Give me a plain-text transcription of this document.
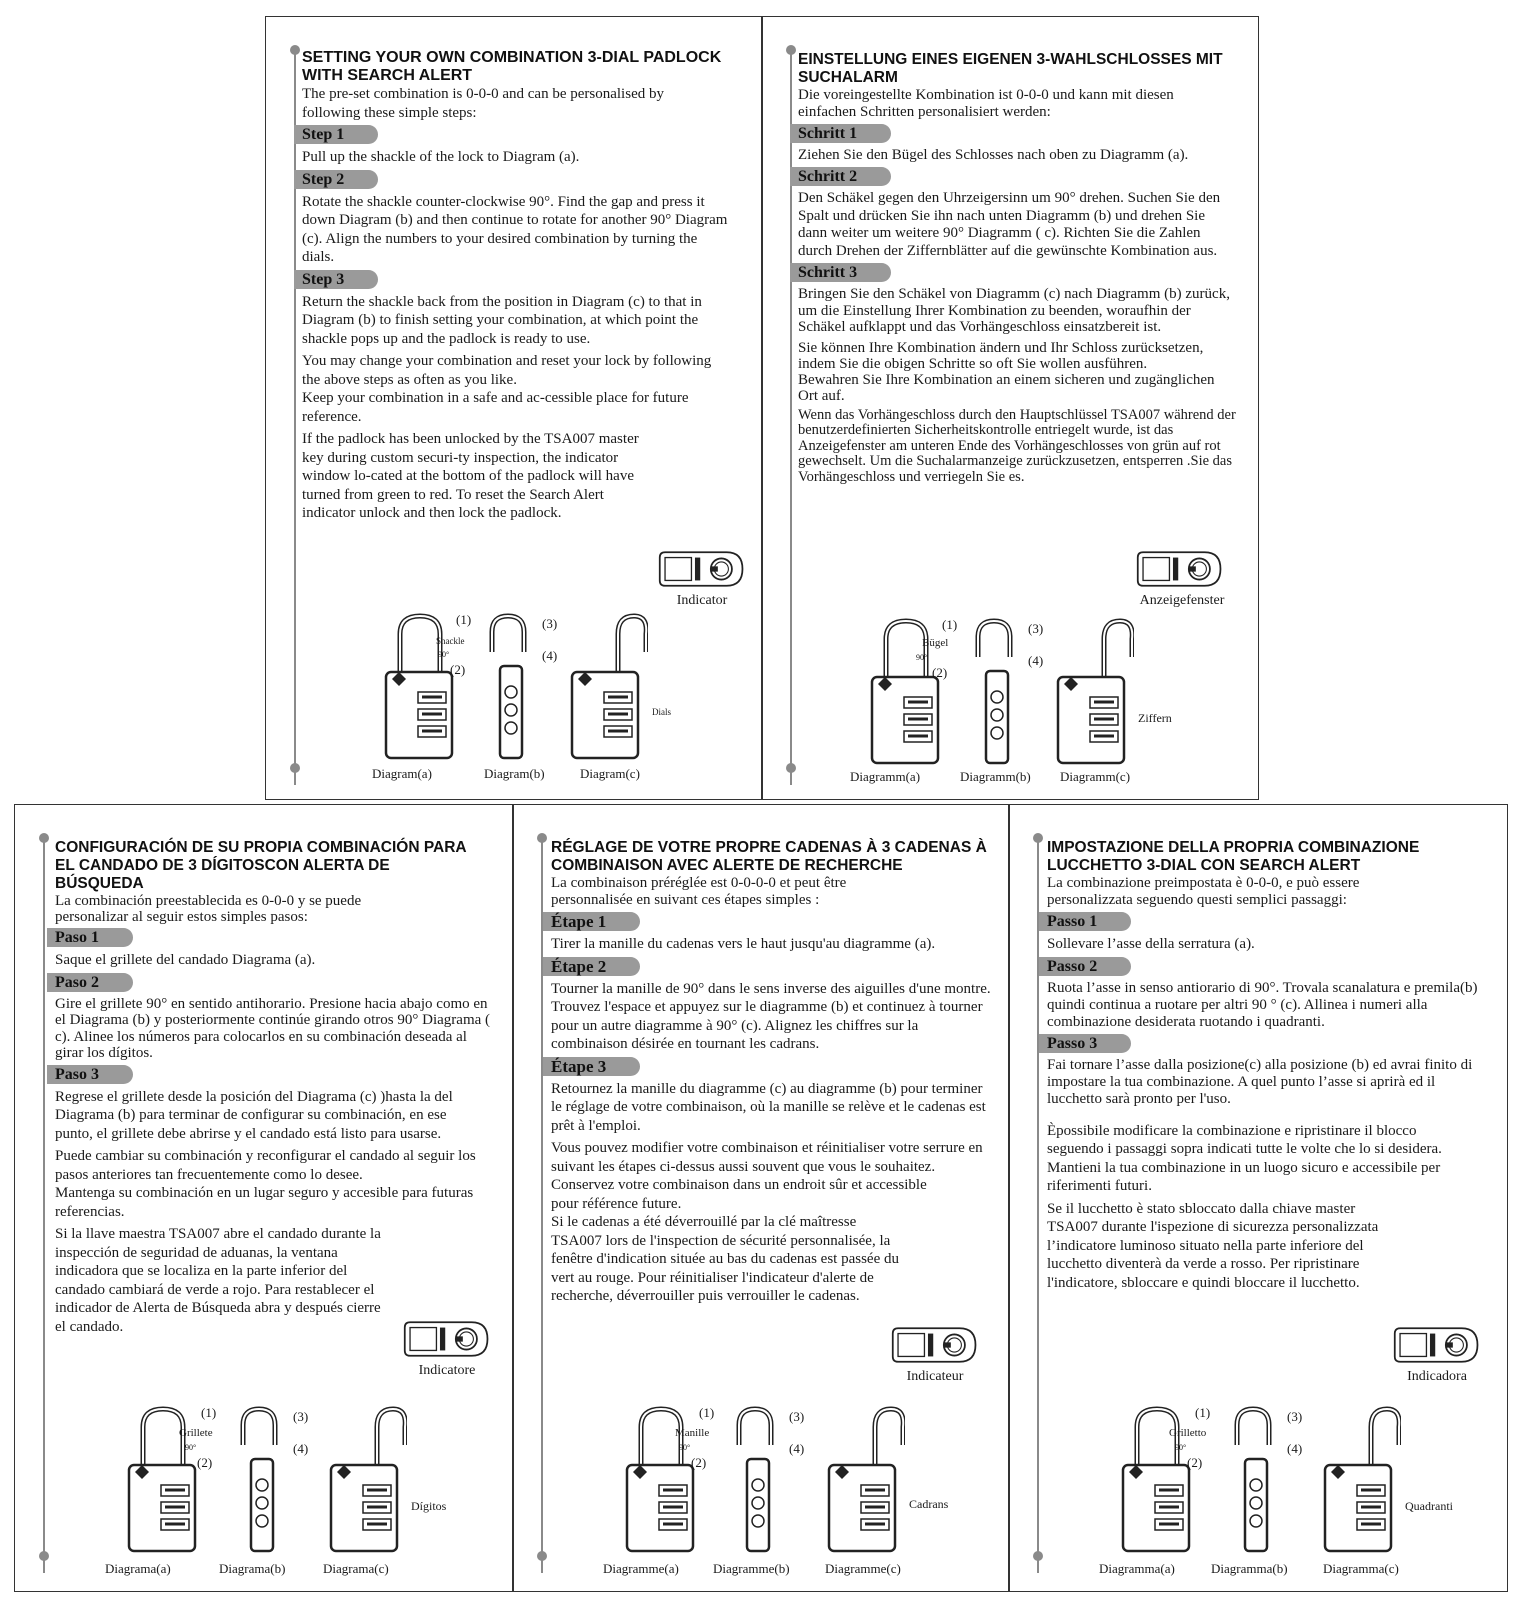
SETTING YOUR OWN COMBINATION 3-DIAL PADLOCK WITH SEARCH ALERT

The pre-set combination is 0-0-0 and can be personalised by following these simple steps:

Step 1

Pull up the shackle of the lock to Diagram (a).

Step 2

Rotate the shackle counter-clockwise 90°. Find the gap and press it down Diagram (b) and then continue to rotate for another 90° Diagram (c). Align the numbers to your desired combination by turning the dials.

Step 3

Return the shackle back from the position in Diagram (c) to that in Diagram (b) to finish setting your combination, at which point the shackle pops up and the padlock is ready to use.

You may change your combination and reset your lock by following the above steps as often as you like.

Keep your combination in a safe and ac-cessible place for future reference.

If the padlock has been unlocked by the TSA007 master key during custom securi-ty inspection, the indicator window lo-cated at the bottom of the padlock will have turned from green to red. To reset the Search Alert indicator unlock and then lock the padlock.

Indicator
(1)
Shackle
90°
(2)
(3)
(4)
Dials
Diagram(a)	Diagram(b)	Diagram(c)
EINSTELLUNG EINES EIGENEN 3-WAHLSCHLOSSES MIT SUCHALARM

Die voreingestellte Kombination ist 0-0-0 und kann mit diesen einfachen Schritten personalisiert werden:

Schritt 1

Ziehen Sie den Bügel des Schlosses nach oben zu Diagramm (a).

Schritt 2

Den Schäkel gegen den Uhrzeigersinn um 90° drehen. Suchen Sie den Spalt und drücken Sie ihn nach unten Diagramm (b) und drehen Sie dann weiter um weitere 90° Diagramm ( c). Richten Sie die Zahlen durch Drehen der Ziffernblätter auf die gewünschte Kombination aus.

Schritt 3

Bringen Sie den Schäkel von Diagramm (c) nach Diagramm (b) zurück, um die Einstellung Ihrer Kombination zu beenden, woraufhin der Schäkel aufklappt und das Vorhängeschloss einsatzbereit ist.

Sie können Ihre Kombination ändern und Ihr Schloss zurücksetzen, indem Sie die obigen Schritte so oft Sie wollen ausführen.

Bewahren Sie Ihre Kombination an einem sicheren und zugänglichen Ort auf.

Wenn das Vorhängeschloss durch den Hauptschlüssel TSA007 während der benutzerdefinierten Sicherheitskontrolle entriegelt wurde, ist das Anzeigefenster am unteren Ende des Vorhängeschlosses von grün auf rot gewechselt. Um die Suchalarmanzeige zurückzusetzen, entsperren .Sie das Vorhängeschloss und verriegeln Sie es.

Anzeigefenster
(1)
Bügel
90°
(2)
(3)
(4)
Ziffern
Diagramm(a)	Diagramm(b) Diagramm(c)
CONFIGURACIÓN DE SU PROPIA COMBINACIÓN PARA EL CANDADO DE 3 DÍGITOSCON ALERTA DE BÚSQUEDA

La combinación preestablecida es 0-0-0 y se puede personalizar al seguir estos simples pasos:

Paso 1

Saque el grillete del candado Diagrama (a).

Paso 2

Gire el grillete 90° en sentido antihorario. Presione hacia abajo como en el Diagrama (b) y posteriormente continúe girando otros 90° Diagrama ( c). Alinee los números para colocarlos en su combinación deseada al girar los dígitos.

Paso 3

Regrese el grillete desde la posición del Diagrama (c) )hasta la del Diagrama (b) para terminar de configurar su combinación, en ese punto, el grillete debe abrirse y el candado está listo para usarse.

Puede cambiar su combinación y reconfigurar el candado al seguir los pasos anteriores tan frecuentemente como lo desee.

Mantenga su combinación en un lugar seguro y accesible para futuras referencias.

Si la llave maestra TSA007 abre el candado durante la inspección de seguridad de aduanas, la ventana indicadora que se localiza en la parte inferior del candado cambiará de verde a rojo. Para restablecer el indicador de Alerta de Búsqueda abra y después cierre el candado.

Indicatore
(1)
Grillete
90°
(2)
(3)
(4)
Dígitos
Diagrama(a)	Diagrama(b)	Diagrama(c)
RÉGLAGE DE VOTRE PROPRE CADENAS À 3 CADENAS À COMBINAISON AVEC ALERTE DE RECHERCHE

La combinaison préréglée est 0-0-0-0 et peut être personnalisée en suivant ces étapes simples :

Étape 1

Tirer la manille du cadenas vers le haut jusqu'au diagramme (a).

Étape 2

Tourner la manille de 90° dans le sens inverse des aiguilles d'une montre. Trouvez l'espace et appuyez sur le diagramme (b) et continuez à tourner pour un autre diagramme à 90° (c). Alignez les chiffres sur la combinaison désirée en tournant les cadrans.

Étape 3

Retournez la manille du diagramme (c) au diagramme (b) pour terminer le réglage de votre combinaison, où la manille se relève et le cadenas est prêt à l'emploi.

Vous pouvez modifier votre combinaison et réinitialiser votre serrure en suivant les étapes ci-dessus aussi souvent que vous le souhaitez.

Conservez votre combinaison dans un endroit sûr et accessible pour référence future.

Si le cadenas a été déverrouillé par la clé maîtresse TSA007 lors de l'inspection de sécurité personnalisée, la fenêtre d'indication située au bas du cadenas est passée du vert au rouge. Pour réinitialiser l'indicateur d'alerte de recherche, déverrouiller puis verrouiller le cadenas.

Indicateur
(1)
Manille
90°
(2)
(3)
(4)
Cadrans
Diagramme(a)	Diagramme(b)	Diagramme(c)
IMPOSTAZIONE DELLA PROPRIA COMBINAZIONE LUCCHETTO 3-DIAL CON SEARCH ALERT

La combinazione preimpostata è 0-0-0, e può essere personalizzata seguendo questi semplici passaggi:

Passo 1

Sollevare l’asse della serratura (a).

Passo 2

Ruota l’asse in senso antiorario di 90°. Trovala scanalatura e premila(b) quindi continua a ruotare per altri 90 ° (c). Allinea i numeri alla combinazione desiderata ruotando i quadranti.

Passo 3

Fai tornare l’asse dalla posizione(c) alla posizione (b) ed avrai finito di impostare la tua combinazione. A quel punto l’asse si aprirà ed il lucchetto sarà pronto per l'uso.

Èpossibile modificare la combinazione e ripristinare il blocco seguendo i passaggi sopra indicati tutte le volte che lo si desidera.

Mantieni la tua combinazione in un luogo sicuro e accessibile per riferimenti futuri.

Se il lucchetto è stato sbloccato dalla chiave master TSA007 durante l'ispezione di sicurezza personalizzata l’indicatore luminoso situato nella parte inferiore del lucchetto diventerà da verde a rosso. Per ripristinare l'indicatore, sbloccare e quindi bloccare il lucchetto.

Indicadora
(1)
Grilletto
90°
(2)
(3)
(4)
Quadranti
Diagramma(a)	Diagramma(b)	Diagramma(c)
